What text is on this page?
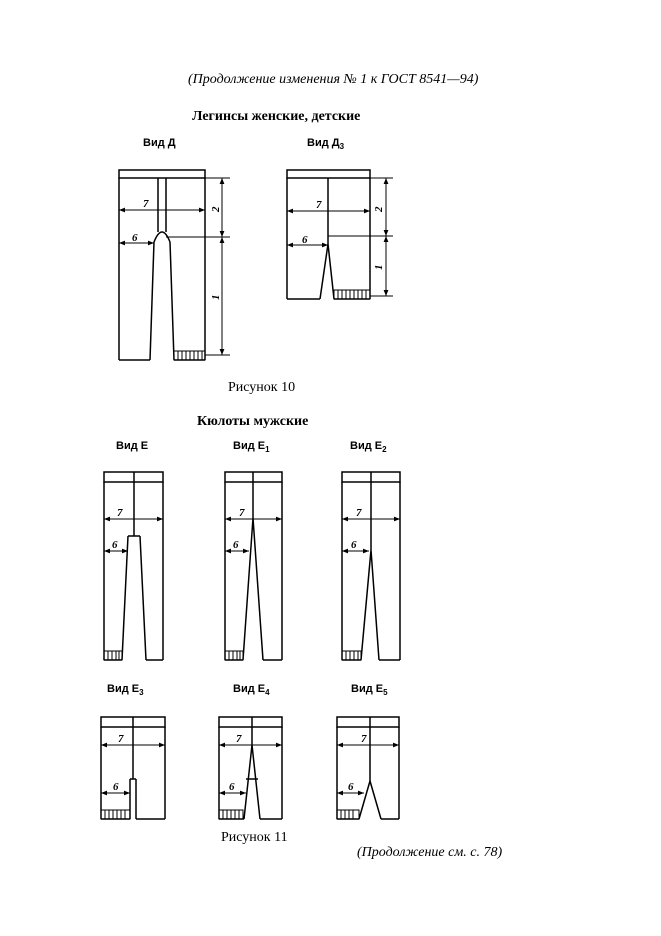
(Продолжение изменения № 1 к ГОСТ 8541—94)
Легинсы женские, детские
Вид Д	Вид $Д_3$
Рисунок 10
Кюлоты мужские
Вид Е	Вид $Е_1$	Вид $Е_2$
Вид $Е_3$	Вид $Е_4$	Вид $Е_5$
Рисунок 11
(Продолжение см. с. 78)
7
6
2
1
7
6
2
1
7
6
7
6
7
6
7
6
7
6
7
6
